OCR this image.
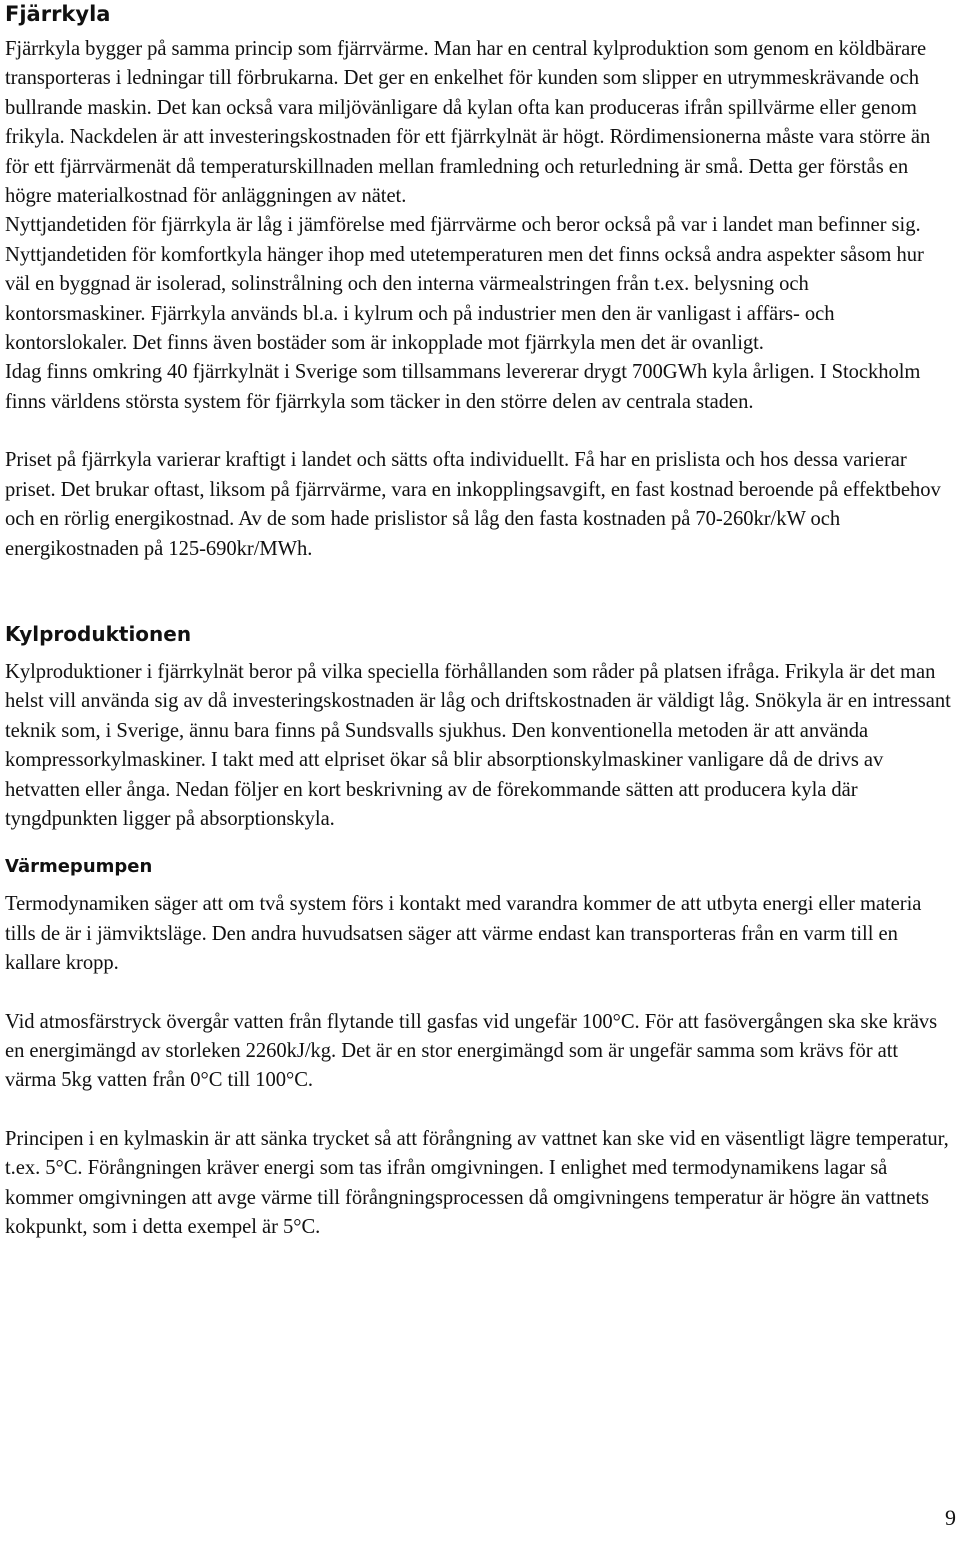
Fjärrkyla

Fjärrkyla bygger på samma princip som fjärrvärme. Man har en central kylproduktion som genom en köldbärare transporteras i ledningar till förbrukarna. Det ger en enkelhet för kunden som slipper en utrymmeskrävande och bullrande maskin. Det kan också vara miljövänligare då kylan ofta kan produceras ifrån spillvärme eller genom frikyla. Nackdelen är att investeringskostnaden för ett fjärrkylnät är högt. Rördimensionerna måste vara större än för ett fjärrvärmenät då temperaturskillnaden mellan framledning och returledning är små. Detta ger förstås en högre materialkostnad för anläggningen av nätet.

Nyttjandetiden för fjärrkyla är låg i jämförelse med fjärrvärme och beror också på var i landet man befinner sig. Nyttjandetiden för komfortkyla hänger ihop med utetemperaturen men det finns också andra aspekter såsom hur väl en byggnad är isolerad, solinstrålning och den interna värmealstringen från t.ex. belysning och kontorsmaskiner. Fjärrkyla används bl.a. i kylrum och på industrier men den är vanligast i affärs- och kontorslokaler. Det finns även bostäder som är inkopplade mot fjärrkyla men det är ovanligt.

Idag finns omkring 40 fjärrkylnät i Sverige som tillsammans levererar drygt 700GWh kyla årligen. I Stockholm finns världens största system för fjärrkyla som täcker in den större delen av centrala staden.

Priset på fjärrkyla varierar kraftigt i landet och sätts ofta individuellt. Få har en prislista och hos dessa varierar priset. Det brukar oftast, liksom på fjärrvärme, vara en inkopplingsavgift, en fast kostnad beroende på effektbehov och en rörlig energikostnad. Av de som hade prislistor så låg den fasta kostnaden på 70-260kr/kW och energikostnaden på 125-690kr/MWh.

Kylproduktionen

Kylproduktioner i fjärrkylnät beror på vilka speciella förhållanden som råder på platsen ifråga. Frikyla är det man helst vill använda sig av då investeringskostnaden är låg och driftskostnaden är väldigt låg. Snökyla är en intressant teknik som, i Sverige, ännu bara finns på Sundsvalls sjukhus. Den konventionella metoden är att använda kompressorkylmaskiner. I takt med att elpriset ökar så blir absorptionskylmaskiner vanligare då de drivs av hetvatten eller ånga. Nedan följer en kort beskrivning av de förekommande sätten att producera kyla där tyngdpunkten ligger på absorptionskyla.

Värmepumpen

Termodynamiken säger att om två system förs i kontakt med varandra kommer de att utbyta energi eller materia tills de är i jämviktsläge. Den andra huvudsatsen säger att värme endast kan transporteras från en varm till en kallare kropp.

Vid atmosfärstryck övergår vatten från flytande till gasfas vid ungefär 100°C. För att fasövergången ska ske krävs en energimängd av storleken 2260kJ/kg. Det är en stor energimängd som är ungefär samma som krävs för att värma 5kg vatten från 0°C till 100°C.

Principen i en kylmaskin är att sänka trycket så att förångning av vattnet kan ske vid en väsentligt lägre temperatur, t.ex. 5°C. Förångningen kräver energi som tas ifrån omgivningen. I enlighet med termodynamikens lagar så kommer omgivningen att avge värme till förångningsprocessen då omgivningens temperatur är högre än vattnets kokpunkt, som i detta exempel är 5°C.

9
